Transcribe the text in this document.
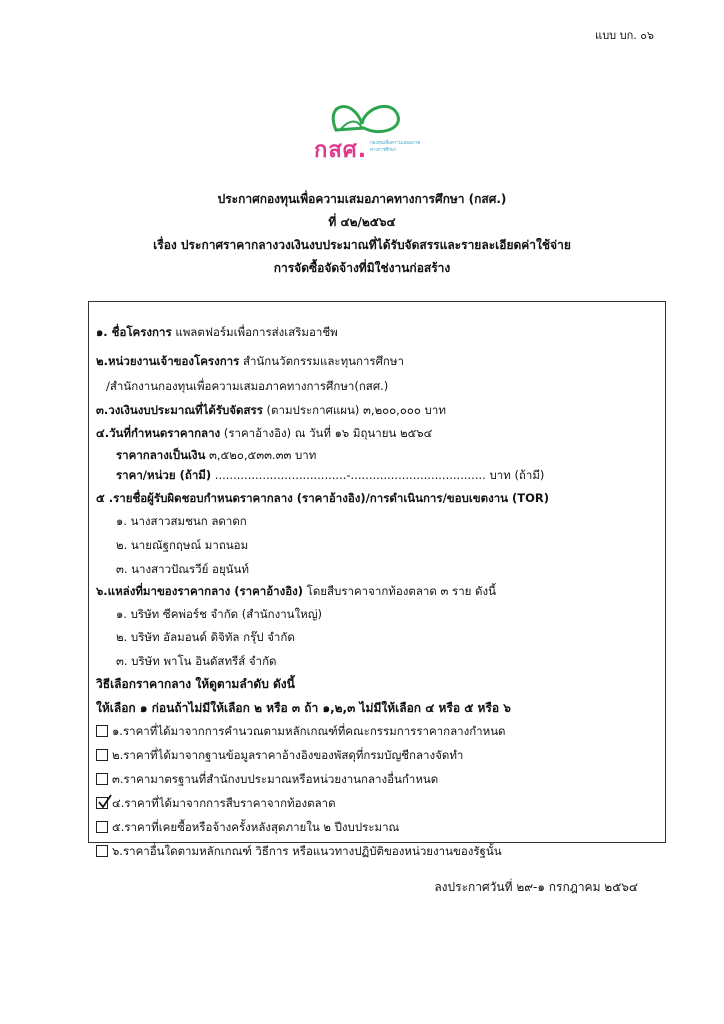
แบบ บก. ๐๖
กสศ. กองทุนเพื่อความเสมอภาค
ทางการศึกษา
ประกาศกองทุนเพื่อความเสมอภาคทางการศึกษา (กสศ.)
ที่ ๔๒/๒๕๖๔
เรื่อง ประกาศราคากลางวงเงินงบประมาณที่ได้รับจัดสรรและรายละเอียดค่าใช้จ่าย
การจัดซื้อจัดจ้างที่มิใช่งานก่อสร้าง
๑. ชื่อโครงการ แพลตฟอร์มเพื่อการส่งเสริมอาชีพ
๒.หน่วยงานเจ้าของโครงการ สำนักนวัตกรรมและทุนการศึกษา
/สำนักงานกองทุนเพื่อความเสมอภาคทางการศึกษา(กสศ.)
๓.วงเงินงบประมาณที่ได้รับจัดสรร (ตามประกาศแผน) ๓,๒๐๐,๐๐๐ บาท
๔.วันที่กำหนดราคากลาง (ราคาอ้างอิง) ณ วันที่ ๑๖ มิถุนายน ๒๕๖๔
ราคากลางเป็นเงิน ๓,๕๒๐,๕๓๓.๓๓ บาท
ราคา/หน่วย (ถ้ามี) ....................................-..................................... บาท (ถ้ามี)
๕ .รายชื่อผู้รับผิดชอบกำหนดราคากลาง (ราคาอ้างอิง)/การดำเนินการ/ขอบเขตงาน (TOR)
๑. นางสาวสมชนก ลดาดก
๒. นายณัฐกฤษณ์ มาถนอม
๓. นางสาวปัณรวีย์ อยุนันท์
๖.แหล่งที่มาของราคากลาง (ราคาอ้างอิง) โดยสืบราคาจากท้องตลาด ๓ ราย ดังนี้
๑. บริษัท ซีคพ่อร์ช จำกัด (สำนักงานใหญ่)
๒. บริษัท อัลมอนด์ ดิจิทัล กรุ๊ป จำกัด
๓. บริษัท พาโน อินดัสทรีส์ จำกัด
วิธีเลือกราคากลาง ให้ดูตามลำดับ ดังนี้
ให้เลือก ๑ ก่อนถ้าไม่มีให้เลือก ๒ หรือ ๓ ถ้า ๑,๒,๓ ไม่มีให้เลือก ๔ หรือ ๕ หรือ ๖
๑.ราคาที่ได้มาจากการคำนวณตามหลักเกณฑ์ที่คณะกรรมการราคากลางกำหนด
๒.ราคาที่ได้มาจากฐานข้อมูลราคาอ้างอิงของพัสดุที่กรมบัญชีกลางจัดทำ
๓.ราคามาตรฐานที่สำนักงบประมาณหรือหน่วยงานกลางอื่นกำหนด
๔.ราคาที่ได้มาจากการสืบราคาจากท้องตลาด
๕.ราคาที่เคยซื้อหรือจ้างครั้งหลังสุดภายใน ๒ ปีงบประมาณ
๖.ราคาอื่นใดตามหลักเกณฑ์ วิธีการ หรือแนวทางปฏิบัติของหน่วยงานของรัฐนั้น
ลงประกาศวันที่ ๒๙-๑ กรกฎาคม ๒๕๖๔
